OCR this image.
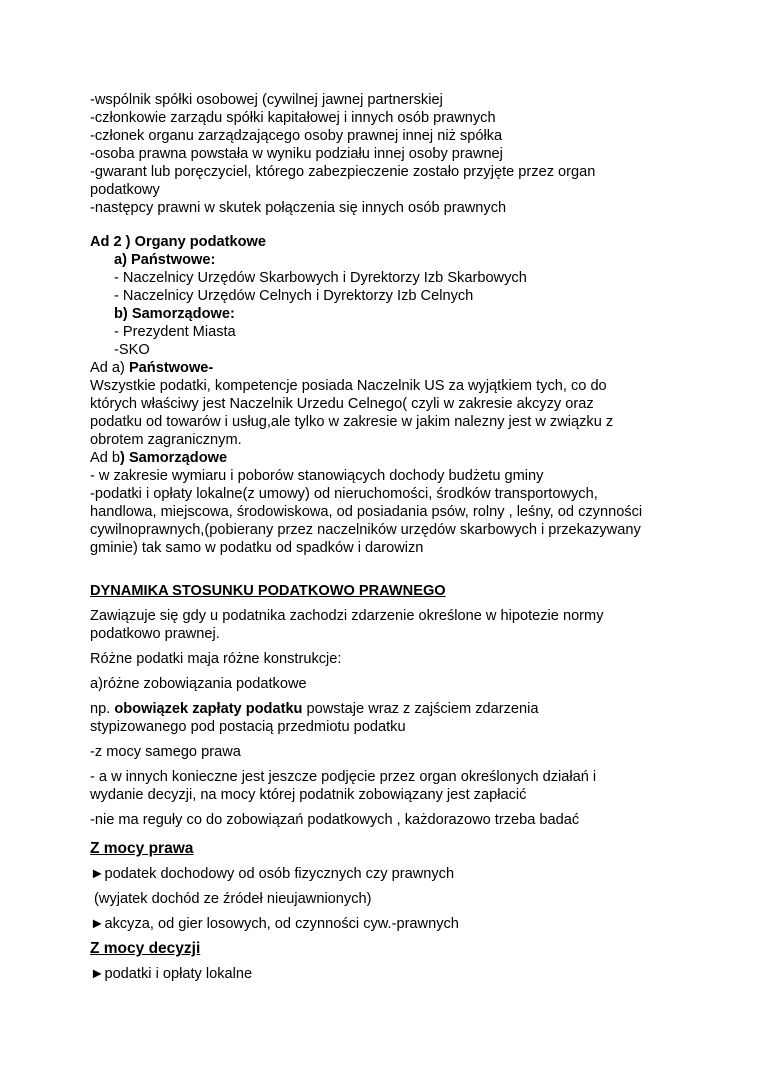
-wspólnik spółki osobowej (cywilnej jawnej partnerskiej

-członkowie zarządu spółki kapitałowej i innych osób prawnych

-członek organu zarządzającego osoby prawnej innej niż spółka

-osoba prawna powstała w wyniku podziału innej osoby prawnej

-gwarant lub poręczyciel, którego zabezpieczenie zostało przyjęte przez organ

podatkowy

-następcy prawni w skutek połączenia się innych osób prawnych

Ad 2 ) Organy podatkowe

a) Państwowe:

- Naczelnicy Urzędów Skarbowych i Dyrektorzy Izb Skarbowych

- Naczelnicy Urzędów Celnych i Dyrektorzy Izb Celnych

b) Samorządowe:

- Prezydent Miasta

-SKO

Ad a) Państwowe-

Wszystkie podatki, kompetencje posiada Naczelnik US za wyjątkiem tych, co do których właściwy jest Naczelnik Urzedu Celnego( czyli w zakresie akcyzy oraz podatku od towarów i usług,ale tylko w zakresie w jakim nalezny jest w związku z obrotem zagranicznym.

Ad b) Samorządowe

- w zakresie wymiaru i poborów stanowiących dochody budżetu gminy

-podatki i opłaty lokalne(z umowy) od nieruchomości, środków transportowych, handlowa, miejscowa, środowiskowa, od posiadania psów, rolny , leśny, od czynności cywilnoprawnych,(pobierany przez naczelników urzędów skarbowych i przekazywany gminie) tak samo w podatku od spadków i darowizn

DYNAMIKA STOSUNKU PODATKOWO PRAWNEGO

Zawiązuje się gdy u podatnika zachodzi zdarzenie określone w hipotezie normy podatkowo prawnej.

Różne podatki maja różne konstrukcje:

a)różne zobowiązania podatkowe

np. obowiązek zapłaty podatku powstaje wraz z zajściem zdarzenia stypizowanego pod postacią przedmiotu podatku

-z mocy samego prawa

- a w innych konieczne jest jeszcze podjęcie przez organ określonych działań i wydanie decyzji, na mocy której podatnik zobowiązany jest zapłacić

-nie ma reguły co do zobowiązań podatkowych , każdorazowo trzeba badać

Z mocy prawa

►podatek dochodowy od osób fizycznych czy prawnych

(wyjatek dochód ze źródeł nieujawnionych)

►akcyza, od gier losowych, od czynności cyw.-prawnych

Z mocy decyzji

►podatki i opłaty lokalne
